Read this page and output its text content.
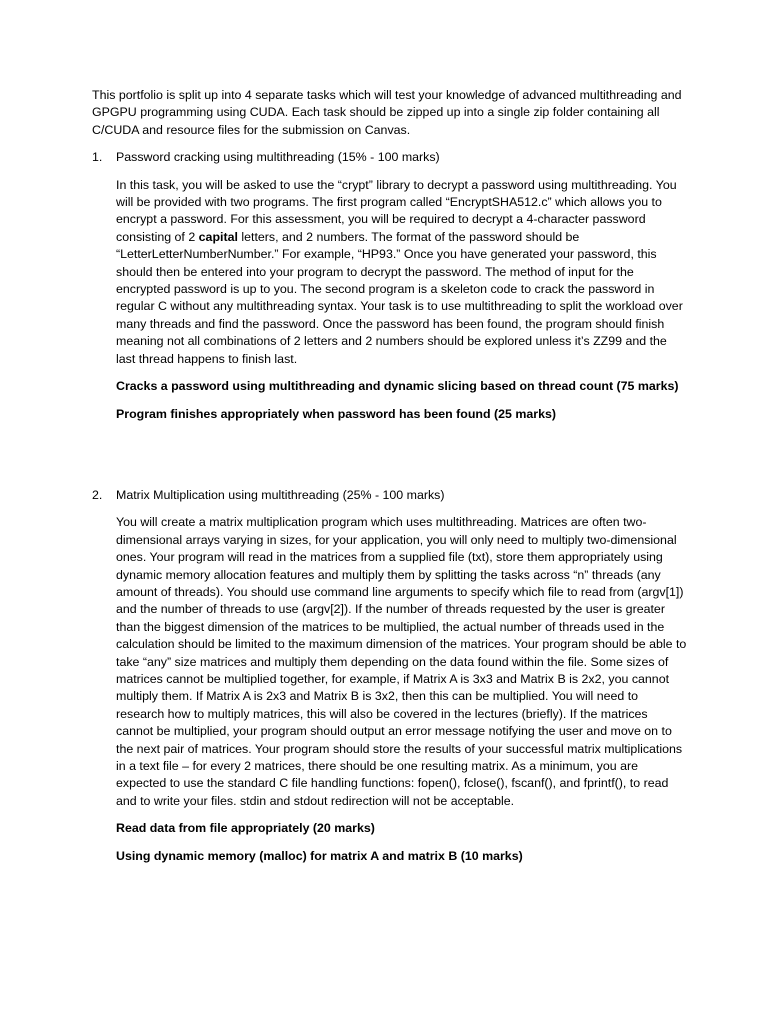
This portfolio is split up into 4 separate tasks which will test your knowledge of advanced multithreading and GPGPU programming using CUDA. Each task should be zipped up into a single zip folder containing all C/CUDA and resource files for the submission on Canvas.

1.	Password cracking using multithreading (15% - 100 marks)

In this task, you will be asked to use the “crypt” library to decrypt a password using multithreading. You will be provided with two programs. The first program called “EncryptSHA512.c” which allows you to encrypt a password. For this assessment, you will be required to decrypt a 4-character password consisting of 2 capital letters, and 2 numbers. The format of the password should be “LetterLetterNumberNumber.” For example, “HP93.” Once you have generated your password, this should then be entered into your program to decrypt the password. The method of input for the encrypted password is up to you. The second program is a skeleton code to crack the password in regular C without any multithreading syntax. Your task is to use multithreading to split the workload over many threads and find the password. Once the password has been found, the program should finish meaning not all combinations of 2 letters and 2 numbers should be explored unless it’s ZZ99 and the last thread happens to finish last.

Cracks a password using multithreading and dynamic slicing based on thread count (75 marks)

Program finishes appropriately when password has been found (25 marks)

2.	Matrix Multiplication using multithreading (25% - 100 marks)

You will create a matrix multiplication program which uses multithreading. Matrices are often two-dimensional arrays varying in sizes, for your application, you will only need to multiply two-dimensional ones. Your program will read in the matrices from a supplied file (txt), store them appropriately using dynamic memory allocation features and multiply them by splitting the tasks across “n” threads (any amount of threads). You should use command line arguments to specify which file to read from (argv[1]) and the number of threads to use (argv[2]). If the number of threads requested by the user is greater than the biggest dimension of the matrices to be multiplied, the actual number of threads used in the calculation should be limited to the maximum dimension of the matrices. Your program should be able to take “any” size matrices and multiply them depending on the data found within the file. Some sizes of matrices cannot be multiplied together, for example, if Matrix A is 3x3 and Matrix B is 2x2, you cannot multiply them. If Matrix A is 2x3 and Matrix B is 3x2, then this can be multiplied. You will need to research how to multiply matrices, this will also be covered in the lectures (briefly). If the matrices cannot be multiplied, your program should output an error message notifying the user and move on to the next pair of matrices. Your program should store the results of your successful matrix multiplications in a text file – for every 2 matrices, there should be one resulting matrix. As a minimum, you are expected to use the standard C file handling functions: fopen(), fclose(), fscanf(), and fprintf(), to read and to write your files. stdin and stdout redirection will not be acceptable.

Read data from file appropriately (20 marks)

Using dynamic memory (malloc) for matrix A and matrix B (10 marks)
